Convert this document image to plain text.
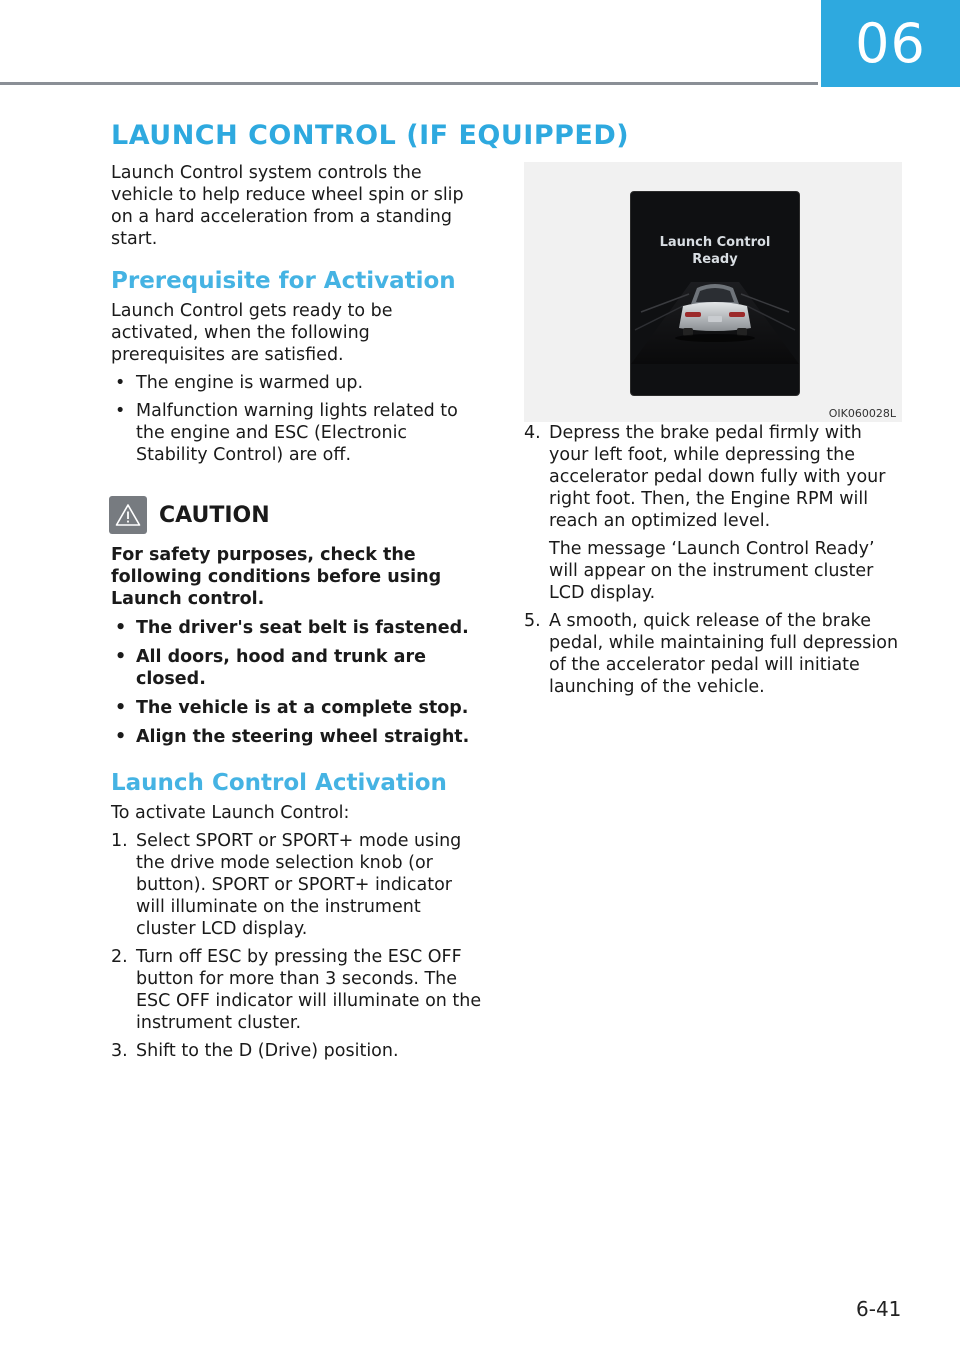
06
LAUNCH CONTROL (IF EQUIPPED)

Launch Control system controls the vehicle to help reduce wheel spin or slip on a hard acceleration from a standing start.

Prerequisite for Activation

Launch Control gets ready to be activated, when the following prerequisites are satisfied.

• The engine is warmed up.
• Malfunction warning lights related to the engine and ESC (Electronic Stability Control) are off.
CAUTION

For safety purposes, check the following conditions before using Launch control.

• The driver's seat belt is fastened.
• All doors, hood and trunk are closed.
• The vehicle is at a complete stop.
• Align the steering wheel straight.
Launch Control Activation

To activate Launch Control:

1. Select SPORT or SPORT+ mode using the drive mode selection knob (or button). SPORT or SPORT+ indicator will illuminate on the instrument cluster LCD display.
2. Turn off ESC by pressing the ESC OFF button for more than 3 seconds. The ESC OFF indicator will illuminate on the instrument cluster.
3. Shift to the D (Drive) position.
Launch Control
Ready
OIK060028L
4. Depress the brake pedal firmly with your left foot, while depressing the accelerator pedal down fully with your right foot. Then, the Engine RPM will reach an optimized level.
The message ‘Launch Control Ready’ will appear on the instrument cluster LCD display.
5. A smooth, quick release of the brake pedal, while maintaining full depression of the accelerator pedal will initiate launching of the vehicle.
6-41
